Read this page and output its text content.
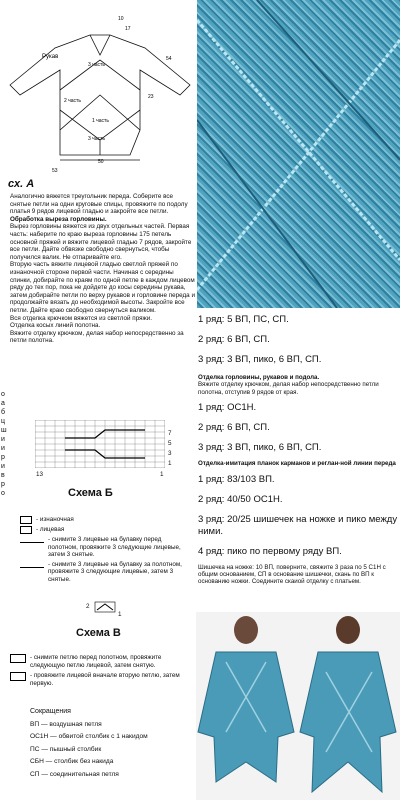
Рукав
3 часть
2 часть
1 часть
3 часть
10
17
50
53
23
54
сх. А
Аналогично вяжется треугольник переда. Соберите все снятые петли на одни круговые спицы, провяжите по подолу платья 9 рядов лицевой гладью и закройте все петли.
Обработка выреза горловины.
Вырез горловины вяжется из двух отдельных частей. Первая часть: наберите по краю выреза горловины 175 петель основной пряжей и вяжите лицевой гладью 7 рядов, закройте все петли. Дайте обвязке свободно свернуться, чтобы получился валик. Не отпаривайте его.
Вторую часть вяжите лицевой гладью светлой пряжей по изнаночной стороне первой части. Начиная с середины спинки, добирайте по краям по одной петле в каждом лицевом ряду до тех пор, пока не дойдете до косы середины рукава, затем добирайте петли по верху рукавов и горловине переда и продолжайте вязать до необходимой высоты. Закройте все петли. Дайте краю свободно свернуться валиком.
Вся отделка крючком вяжется из светлой пряжи.
Отделка косых линий полотна.
Вяжите отделку крючком, делая набор непосредственно за петли полотна.
7
5
3
1
13	1
Схема Б
- изнаночная
- лицевая
- снимите 3 лицевые на булавку перед полотном, провяжите 3 следующие лицевые, затем 3 снятые.
- снимите 3 лицевые на булавку за полотном, провяжите 3 следующие лицевые, затем 3 снятые.
2
1
Схема В
- снимите петлю перед полотном, провяжите следующую петлю лицевой, затем снятую.
- провяжите лицевой вначале вторую петлю, затем первую.
Сокращения
ВП — воздушная петля
ОС1Н — обвитой столбик с 1 накидом
ПС — пышный столбик
СБН — столбик без накида
СП — соединительная петля
о
а
б
ц
ш
и
и
р
и
в
р
о
1 ряд: 5 ВП, ПС, СП.
2 ряд: 6 ВП, СП.
3 ряд: 3 ВП, пико, 6 ВП, СП.
Отделка горловины, рукавов и подола.
Вяжите отделку крючком, делая набор непосредственно петли полотна, отступив 9 рядов от края.
1 ряд: ОС1Н.
2 ряд: 6 ВП, СП.
3 ряд: 3 ВП, пико, 6 ВП, СП.
Отделка-имитация планок карманов и реглан-ной линии переда
1 ряд: 83/103 ВП.
2 ряд: 40/50 ОС1Н.
3 ряд: 20/25 шишечек на ножке и пико между ними.
4 ряд: пико по первому ряду ВП.
Шишечка на ножке: 10 ВП, поверните, свяжите 3 раза по 5 С1Н с общим основанием, СП в основание шишечки, скань по ВП к основанию ножки. Соедините скаиой отделку с платьем.
